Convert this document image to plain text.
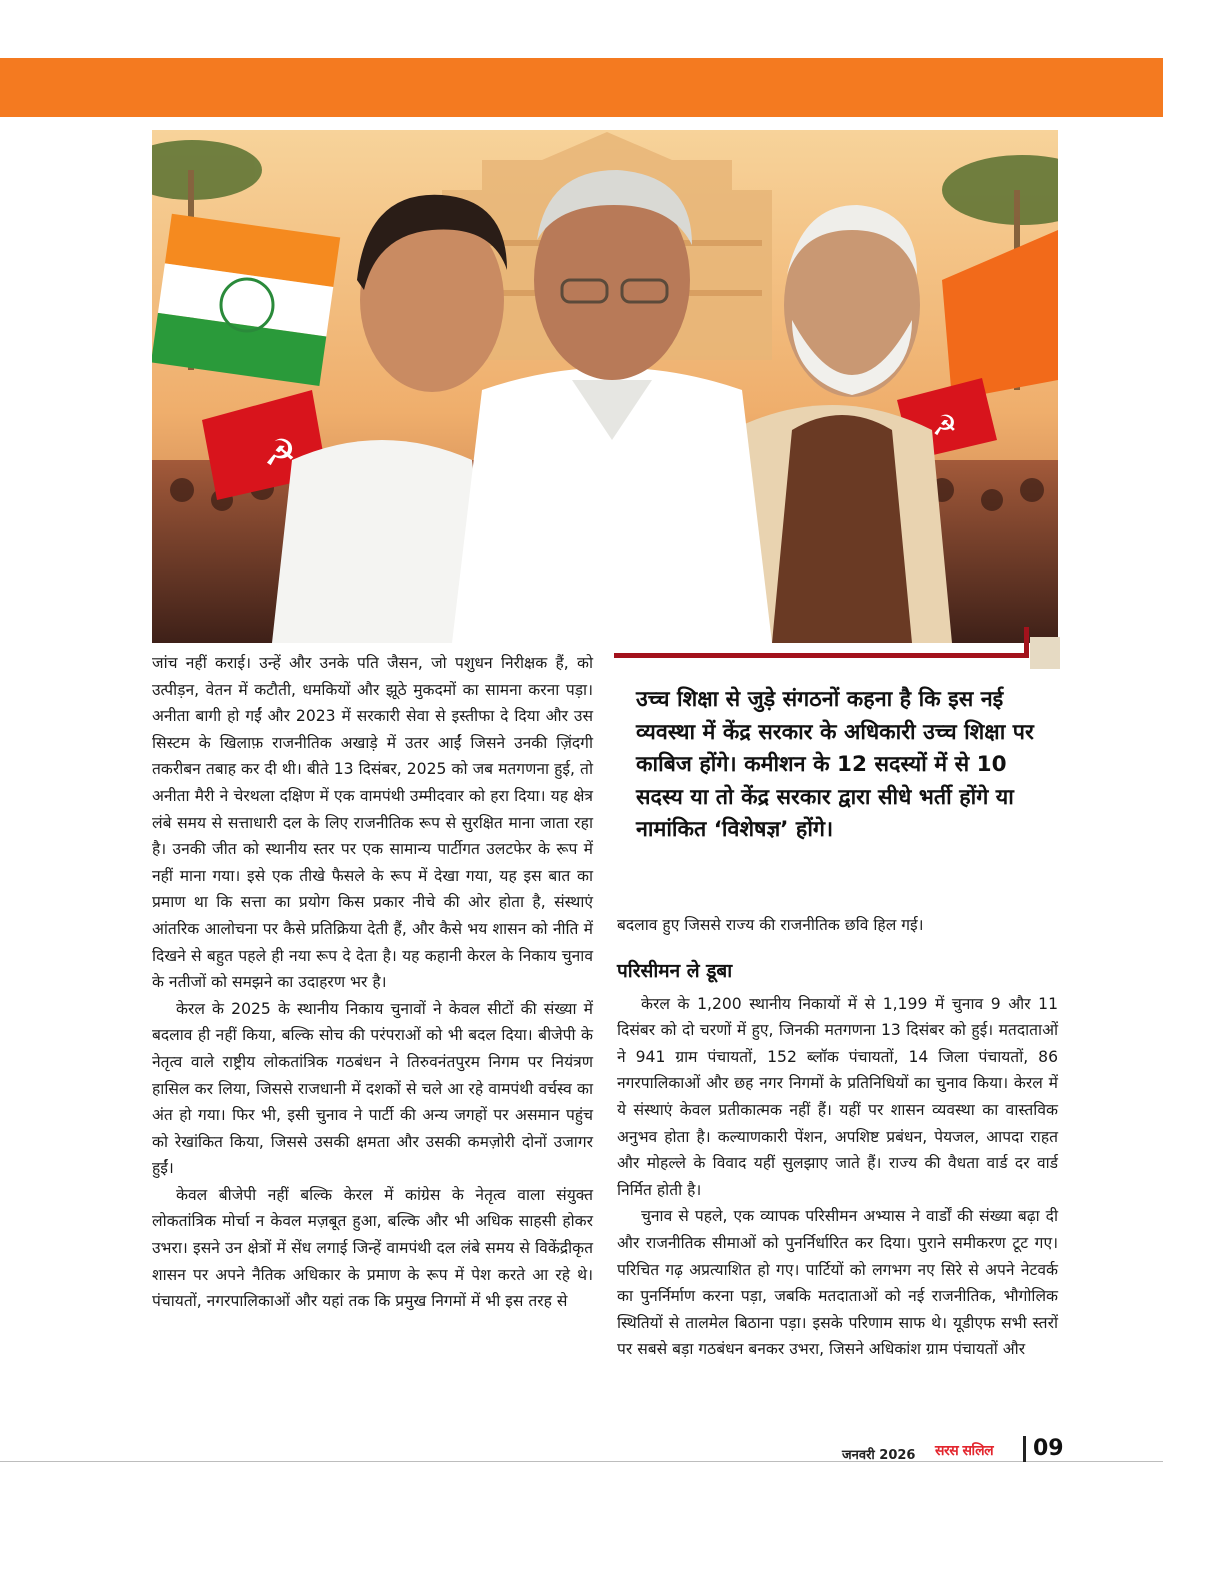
☭
☭

जांच नहीं कराई। उन्हें और उनके पति जैसन, जो पशुधन निरीक्षक हैं, को उत्पीड़न, वेतन में कटौती, धमकियों और झूठे मुकदमों का सामना करना पड़ा। अनीता बागी हो गईं और 2023 में सरकारी सेवा से इस्तीफा दे दिया और उस सिस्टम के खिलाफ़ राजनीतिक अखाड़े में उतर आईं जिसने उनकी ज़िंदगी तकरीबन तबाह कर दी थी। बीते 13 दिसंबर, 2025 को जब मतगणना हुई, तो अनीता मैरी ने चेरथला दक्षिण में एक वामपंथी उम्मीदवार को हरा दिया। यह क्षेत्र लंबे समय से सत्ताधारी दल के लिए राजनीतिक रूप से सुरक्षित माना जाता रहा है। उनकी जीत को स्थानीय स्तर पर एक सामान्य पार्टीगत उलटफेर के रूप में नहीं माना गया। इसे एक तीखे फैसले के रूप में देखा गया, यह इस बात का प्रमाण था कि सत्ता का प्रयोग किस प्रकार नीचे की ओर होता है, संस्थाएं आंतरिक आलोचना पर कैसे प्रतिक्रिया देती हैं, और कैसे भय शासन को नीति में दिखने से बहुत पहले ही नया रूप दे देता है। यह कहानी केरल के निकाय चुनाव के नतीजों को समझने का उदाहरण भर है।

केरल के 2025 के स्थानीय निकाय चुनावों ने केवल सीटों की संख्या में बदलाव ही नहीं किया, बल्कि सोच की परंपराओं को भी बदल दिया। बीजेपी के नेतृत्व वाले राष्ट्रीय लोकतांत्रिक गठबंधन ने तिरुवनंतपुरम निगम पर नियंत्रण हासिल कर लिया, जिससे राजधानी में दशकों से चले आ रहे वामपंथी वर्चस्व का अंत हो गया। फिर भी, इसी चुनाव ने पार्टी की अन्य जगहों पर असमान पहुंच को रेखांकित किया, जिससे उसकी क्षमता और उसकी कमज़ोरी दोनों उजागर हुईं।

केवल बीजेपी नहीं बल्कि केरल में कांग्रेस के नेतृत्व वाला संयुक्त लोकतांत्रिक मोर्चा न केवल मज़बूत हुआ, बल्कि और भी अधिक साहसी होकर उभरा। इसने उन क्षेत्रों में सेंध लगाई जिन्हें वामपंथी दल लंबे समय से विकेंद्रीकृत शासन पर अपने नैतिक अधिकार के प्रमाण के रूप में पेश करते आ रहे थे। पंचायतों, नगरपालिकाओं और यहां तक कि प्रमुख निगमों में भी इस तरह से

उच्च शिक्षा से जुड़े संगठनों कहना है कि इस नई व्यवस्था में केंद्र सरकार के अधिकारी उच्च शिक्षा पर काबिज होंगे। कमीशन के 12 सदस्यों में से 10 सदस्य या तो केंद्र सरकार द्वारा सीधे भर्ती होंगे या नामांकित ‘विशेषज्ञ’ होंगे।

बदलाव हुए जिससे राज्य की राजनीतिक छवि हिल गई।

परिसीमन ले डूबा

केरल के 1,200 स्थानीय निकायों में से 1,199 में चुनाव 9 और 11 दिसंबर को दो चरणों में हुए, जिनकी मतगणना 13 दिसंबर को हुई। मतदाताओं ने 941 ग्राम पंचायतों, 152 ब्लॉक पंचायतों, 14 जिला पंचायतों, 86 नगरपालिकाओं और छह नगर निगमों के प्रतिनिधियों का चुनाव किया। केरल में ये संस्थाएं केवल प्रतीकात्मक नहीं हैं। यहीं पर शासन व्यवस्था का वास्तविक अनुभव होता है। कल्याणकारी पेंशन, अपशिष्ट प्रबंधन, पेयजल, आपदा राहत और मोहल्ले के विवाद यहीं सुलझाए जाते हैं। राज्य की वैधता वार्ड दर वार्ड निर्मित होती है।

चुनाव से पहले, एक व्यापक परिसीमन अभ्यास ने वार्डों की संख्या बढ़ा दी और राजनीतिक सीमाओं को पुनर्निर्धारित कर दिया। पुराने समीकरण टूट गए। परिचित गढ़ अप्रत्याशित हो गए। पार्टियों को लगभग नए सिरे से अपने नेटवर्क का पुनर्निर्माण करना पड़ा, जबकि मतदाताओं को नई राजनीतिक, भौगोलिक स्थितियों से तालमेल बिठाना पड़ा। इसके परिणाम साफ थे। यूडीएफ सभी स्तरों पर सबसे बड़ा गठबंधन बनकर उभरा, जिसने अधिकांश ग्राम पंचायतों और

जनवरी 2026 सरस सलिल 09
